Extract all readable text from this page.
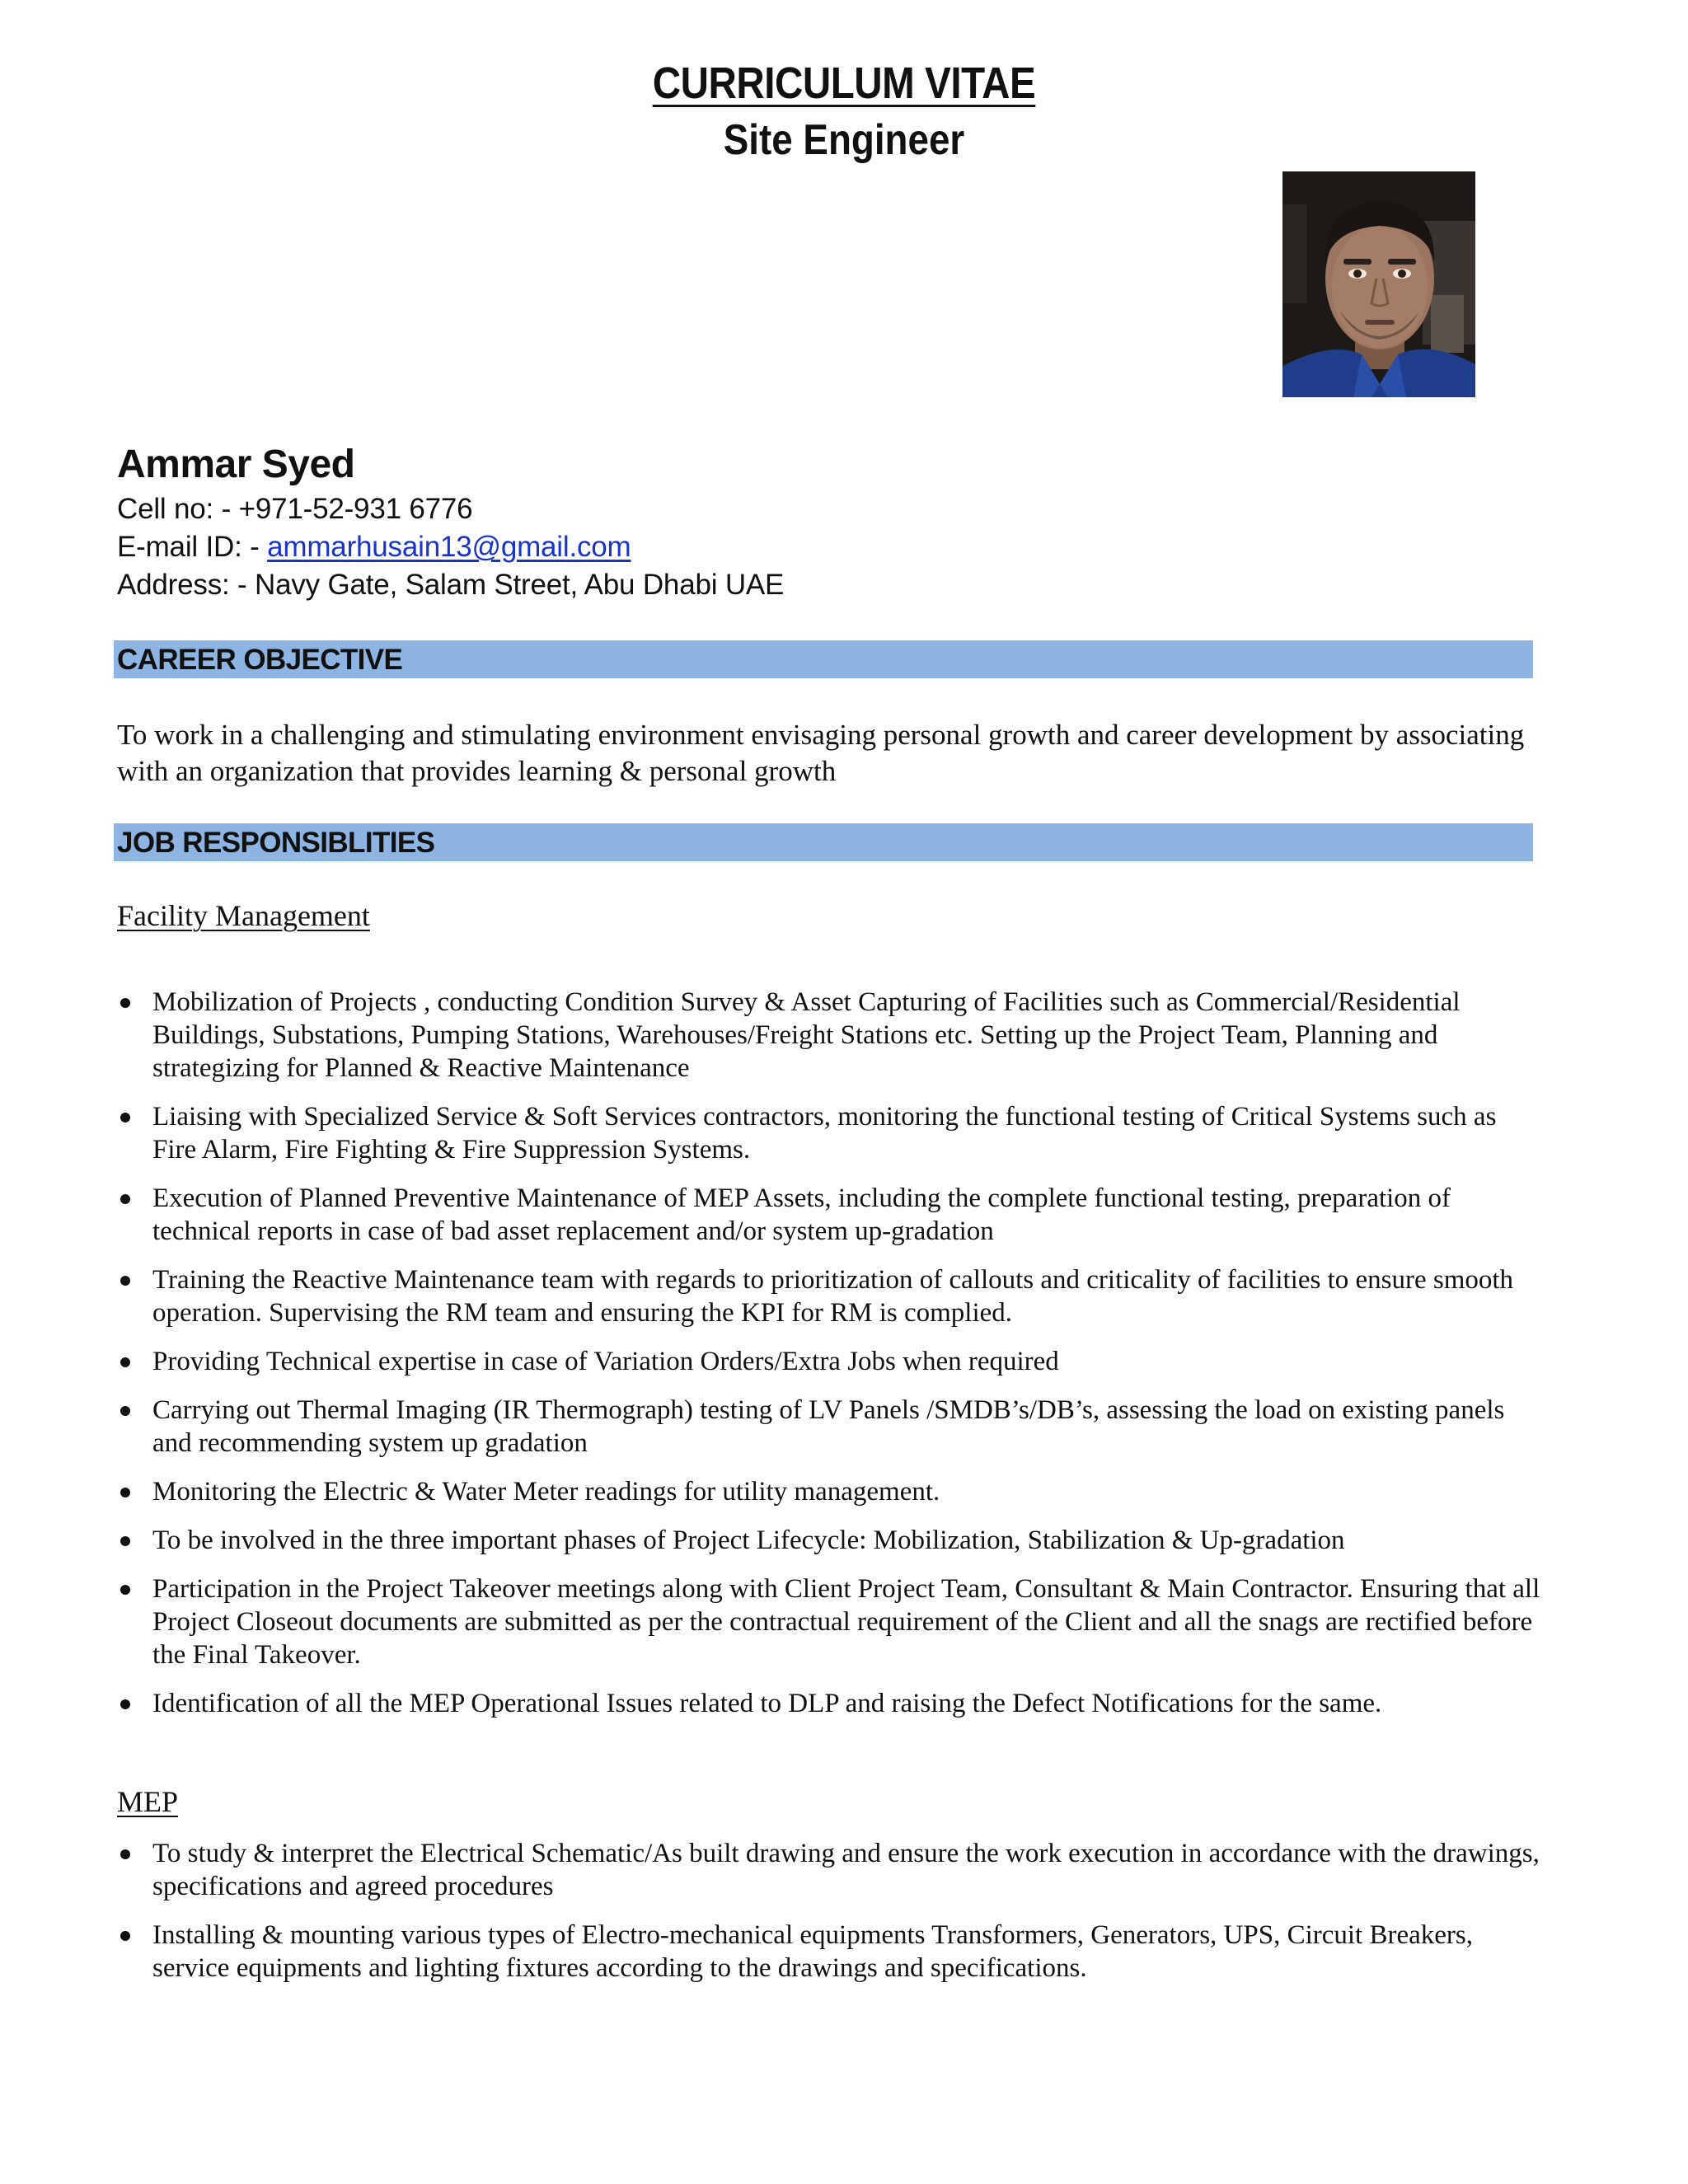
CURRICULUM VITAE
Site Engineer
Ammar Syed
Cell no: - +971-52-931 6776
E-mail ID: - ammarhusain13@gmail.com
Address: - Navy Gate, Salam Street, Abu Dhabi UAE
CAREER OBJECTIVE
To work in a challenging and stimulating environment envisaging personal growth and career development by associating with an organization that provides learning & personal growth
JOB RESPONSIBLITIES
Facility Management
Mobilization of Projects , conducting Condition Survey & Asset Capturing of Facilities such as Commercial/Residential Buildings, Substations, Pumping Stations, Warehouses/Freight Stations etc. Setting up the Project Team, Planning and strategizing for Planned & Reactive Maintenance
Liaising with Specialized Service & Soft Services contractors, monitoring the functional testing of Critical Systems such as Fire Alarm, Fire Fighting & Fire Suppression Systems.
Execution of Planned Preventive Maintenance of MEP Assets, including the complete functional testing, preparation of technical reports in case of bad asset replacement and/or system up-gradation
Training the Reactive Maintenance team with regards to prioritization of callouts and criticality of facilities to ensure smooth operation. Supervising the RM team and ensuring the KPI for RM is complied.
Providing Technical expertise in case of Variation Orders/Extra Jobs when required
Carrying out Thermal Imaging (IR Thermograph) testing of LV Panels /SMDB’s/DB’s, assessing the load on existing panels and recommending system up gradation
Monitoring the Electric & Water Meter readings for utility management.
To be involved in the three important phases of Project Lifecycle: Mobilization, Stabilization & Up-gradation
Participation in the Project Takeover meetings along with Client Project Team, Consultant & Main Contractor. Ensuring that all Project Closeout documents are submitted as per the contractual requirement of the Client and all the snags are rectified before the Final Takeover.
Identification of all the MEP Operational Issues related to DLP and raising the Defect Notifications for the same.
MEP
To study & interpret the Electrical Schematic/As built drawing and ensure the work execution in accordance with the drawings, specifications and agreed procedures
Installing & mounting various types of Electro-mechanical equipments Transformers, Generators, UPS, Circuit Breakers, service equipments and lighting fixtures according to the drawings and specifications.
